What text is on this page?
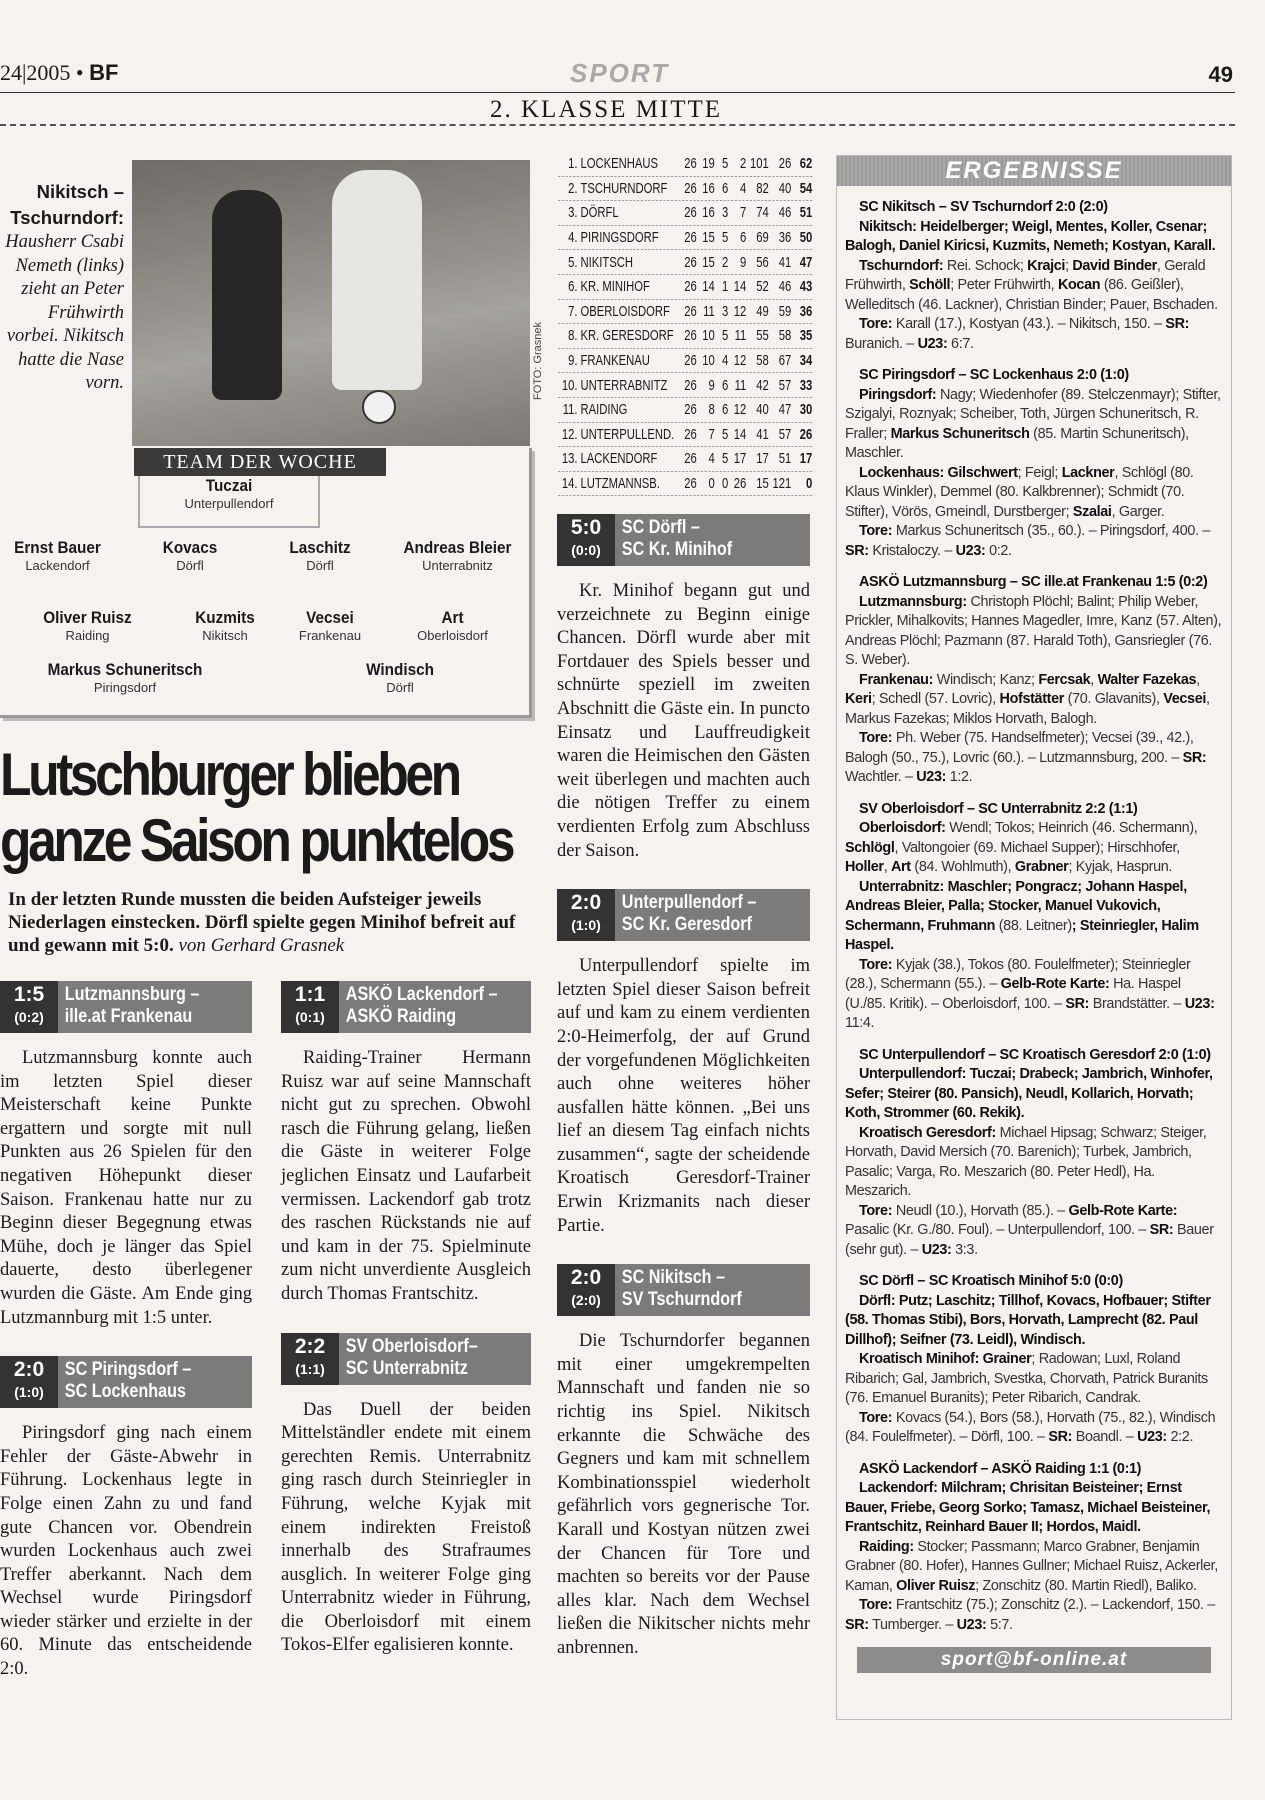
24|2005 • BF	SPORT	49
2. KLASSE MITTE
Nikitsch – Tschurndorf:
Hausherr Csabi Nemeth (links) zieht an Peter Frühwirth vorbei. Nikitsch hatte die Nase vorn.	FOTO: Grasnek
TEAM DER WOCHE
Tuczai
Unterpullendorf
Ernst Bauer
Lackendorf
Kovacs
Dörfl
Laschitz
Dörfl
Andreas Bleier
Unterrabnitz
Oliver Ruisz
Raiding
Kuzmits
Nikitsch
Vecsei
Frankenau
Art
Oberloisdorf
Markus Schuneritsch
Piringsdorf
Windisch
Dörfl
Lutschburger blieben ganze Saison punktelos
In der letzten Runde mussten die beiden Aufsteiger jeweils Niederlagen einstecken. Dörfl spielte gegen Minihof befreit auf und gewann mit 5:0. von Gerhard Grasnek
1:5
(0:2)
Lutzmannsburg –
ille.at Frankenau

Lutzmannsburg konnte auch im letzten Spiel dieser Meisterschaft keine Punkte ergattern und sorgte mit null Punkten aus 26 Spielen für den negativen Höhepunkt dieser Saison. Frankenau hatte nur zu Beginn dieser Begegnung etwas Mühe, doch je länger das Spiel dauerte, desto überlegener wurden die Gäste. Am Ende ging Lutzmannburg mit 1:5 unter.

2:0
(1:0)
SC Piringsdorf –
SC Lockenhaus

Piringsdorf ging nach einem Fehler der Gäste-Abwehr in Führung. Lockenhaus legte in Folge einen Zahn zu und fand gute Chancen vor. Obendrein wurden Lockenhaus auch zwei Treffer aberkannt. Nach dem Wechsel wurde Piringsdorf wieder stärker und erzielte in der 60. Minute das entscheidende 2:0.

1:1
(0:1)
ASKÖ Lackendorf –
ASKÖ Raiding

Raiding-Trainer Hermann Ruisz war auf seine Mannschaft nicht gut zu sprechen. Obwohl rasch die Führung gelang, ließen die Gäste in weiterer Folge jeglichen Einsatz und Laufarbeit vermissen. Lackendorf gab trotz des raschen Rückstands nie auf und kam in der 75. Spielminute zum nicht unverdiente Ausgleich durch Thomas Frantschitz.

2:2
(1:1)
SV Oberloisdorf–
SC Unterrabnitz

Das Duell der beiden Mittelständler endete mit einem gerechten Remis. Unterrabnitz ging rasch durch Steinriegler in Führung, welche Kyjak mit einem indirekten Freistoß innerhalb des Strafraumes ausglich. In weiterer Folge ging Unterrabnitz wieder in Führung, die Oberloisdorf mit einem Tokos-Elfer egalisieren konnte.

5:0
(0:0)
SC Dörfl –
SC Kr. Minihof

Kr. Minihof begann gut und verzeichnete zu Beginn einige Chancen. Dörfl wurde aber mit Fortdauer des Spiels besser und schnürte speziell im zweiten Abschnitt die Gäste ein. In puncto Einsatz und Lauffreudigkeit waren die Heimischen den Gästen weit überlegen und machten auch die nötigen Treffer zu einem verdienten Erfolg zum Abschluss der Saison.

2:0
(1:0)
Unterpullendorf –
SC Kr. Geresdorf

Unterpullendorf spielte im letzten Spiel dieser Saison befreit auf und kam zu einem verdienten 2:0-Heimerfolg, der auf Grund der vorgefundenen Möglichkeiten auch ohne weiteres höher ausfallen hätte können. „Bei uns lief an diesem Tag einfach nichts zusammen“, sagte der scheidende Kroatisch Geresdorf-Trainer Erwin Krizmanits nach dieser Partie.

2:0
(2:0)
SC Nikitsch –
SV Tschurndorf

Die Tschurndorfer begannen mit einer umgekrempelten Mannschaft und fanden nie so richtig ins Spiel. Nikitsch erkannte die Schwäche des Gegners und kam mit schnellem Kombinationsspiel wiederholt gefährlich vors gegnerische Tor. Karall und Kostyan nützen zwei der Chancen für Tore und machten so bereits vor der Pause alles klar. Nach dem Wechsel ließen die Nikitscher nichts mehr anbrennen.

1. LOCKENHAUS	26 19 5 2 101 26 62
2. TSCHURNDORF	26 16 6 4 82 40 54
3. DÖRFL	26 16 3 7 74 46 51
4. PIRINGSDORF	26 15 5 6 69 36 50
5. NIKITSCH	26 15 2 9 56 41 47
6. KR. MINIHOF	26 14 1 14 52 46 43
7. OBERLOISDORF 26 11 3 12 49 59 36
8. KR. GERESDORF 26 10 5 11 55 58 35
9. FRANKENAU	26 10 4 12 58 67 34
10. UNTERRABNITZ	26 9 6 11 42 57 33
11. RAIDING	26 8 6 12 40 47 30
12. UNTERPULLEND. 26 7 5 14 41 57 26
13. LACKENDORF	26 4 5 17 17 51 17
14. LUTZMANNSB.	26 0 0 26 15 121 0
ERGEBNISSE
SC Nikitsch – SV Tschurndorf 2:0 (2:0)
Nikitsch: Heidelberger; Weigl, Mentes, Koller, Csenar; Balogh, Daniel Kiricsi, Kuzmits, Nemeth; Kostyan, Karall.
Tschurndorf: Rei. Schock; Krajci; David Binder, Gerald Frühwirth, Schöll; Peter Frühwirth, Kocan (86. Geißler), Welleditsch (46. Lackner), Christian Binder; Pauer, Bschaden.
Tore: Karall (17.), Kostyan (43.). – Nikitsch, 150. – SR: Buranich. – U23: 6:7.
SC Piringsdorf – SC Lockenhaus 2:0 (1:0)
Piringsdorf: Nagy; Wiedenhofer (89. Stelczenmayr); Stifter, Szigalyi, Roznyak; Scheiber, Toth, Jürgen Schuneritsch, R. Fraller; Markus Schuneritsch (85. Martin Schuneritsch), Maschler.
Lockenhaus: Gilschwert; Feigl; Lackner, Schlögl (80. Klaus Winkler), Demmel (80. Kalkbrenner); Schmidt (70. Stifter), Vörös, Gmeindl, Durstberger; Szalai, Garger.
Tore: Markus Schuneritsch (35., 60.). – Piringsdorf, 400. – SR: Kristaloczy. – U23: 0:2.
ASKÖ Lutzmannsburg – SC ille.at Frankenau 1:5 (0:2)
Lutzmannsburg: Christoph Plöchl; Balint; Philip Weber, Prickler, Mihalkovits; Hannes Magedler, Imre, Kanz (57. Alten), Andreas Plöchl; Pazmann (87. Harald Toth), Gansriegler (76. S. Weber).
Frankenau: Windisch; Kanz; Fercsak, Walter Fazekas, Keri; Schedl (57. Lovric), Hofstätter (70. Glavanits), Vecsei, Markus Fazekas; Miklos Horvath, Balogh.
Tore: Ph. Weber (75. Handselfmeter); Vecsei (39., 42.), Balogh (50., 75.), Lovric (60.). – Lutzmannsburg, 200. – SR: Wachtler. – U23: 1:2.
SV Oberloisdorf – SC Unterrabnitz 2:2 (1:1)
Oberloisdorf: Wendl; Tokos; Heinrich (46. Schermann), Schlögl, Valtongoier (69. Michael Supper); Hirschhofer, Holler, Art (84. Wohlmuth), Grabner; Kyjak, Hasprun.
Unterrabnitz: Maschler; Pongracz; Johann Haspel, Andreas Bleier, Palla; Stocker, Manuel Vukovich, Schermann, Fruhmann (88. Leitner); Steinriegler, Halim Haspel.
Tore: Kyjak (38.), Tokos (80. Foulelfmeter); Steinriegler (28.), Schermann (55.). – Gelb-Rote Karte: Ha. Haspel (U./85. Kritik). – Oberloisdorf, 100. – SR: Brandstätter. – U23: 11:4.
SC Unterpullendorf – SC Kroatisch Geresdorf 2:0 (1:0)
Unterpullendorf: Tuczai; Drabeck; Jambrich, Winhofer, Sefer; Steirer (80. Pansich), Neudl, Kollarich, Horvath; Koth, Strommer (60. Rekik).
Kroatisch Geresdorf: Michael Hipsag; Schwarz; Steiger, Horvath, David Mersich (70. Barenich); Turbek, Jambrich, Pasalic; Varga, Ro. Meszarich (80. Peter Hedl), Ha. Meszarich.
Tore: Neudl (10.), Horvath (85.). – Gelb-Rote Karte: Pasalic (Kr. G./80. Foul). – Unterpullendorf, 100. – SR: Bauer (sehr gut). – U23: 3:3.
SC Dörfl – SC Kroatisch Minihof 5:0 (0:0)
Dörfl: Putz; Laschitz; Tillhof, Kovacs, Hofbauer; Stifter (58. Thomas Stibi), Bors, Horvath, Lamprecht (82. Paul Dillhof); Seifner (73. Leidl), Windisch.
Kroatisch Minihof: Grainer; Radowan; Luxl, Roland Ribarich; Gal, Jambrich, Svestka, Chorvath, Patrick Buranits (76. Emanuel Buranits); Peter Ribarich, Candrak.
Tore: Kovacs (54.), Bors (58.), Horvath (75., 82.), Windisch (84. Foulelfmeter). – Dörfl, 100. – SR: Boandl. – U23: 2:2.
ASKÖ Lackendorf – ASKÖ Raiding 1:1 (0:1)
Lackendorf: Milchram; Chrisitan Beisteiner; Ernst Bauer, Friebe, Georg Sorko; Tamasz, Michael Beisteiner, Frantschitz, Reinhard Bauer II; Hordos, Maidl.
Raiding: Stocker; Passmann; Marco Grabner, Benjamin Grabner (80. Hofer), Hannes Gullner; Michael Ruisz, Ackerler, Kaman, Oliver Ruisz; Zonschitz (80. Martin Riedl), Baliko.
Tore: Frantschitz (75.); Zonschitz (2.). – Lackendorf, 150. – SR: Tumberger. – U23: 5:7.
sport@bf-online.at
